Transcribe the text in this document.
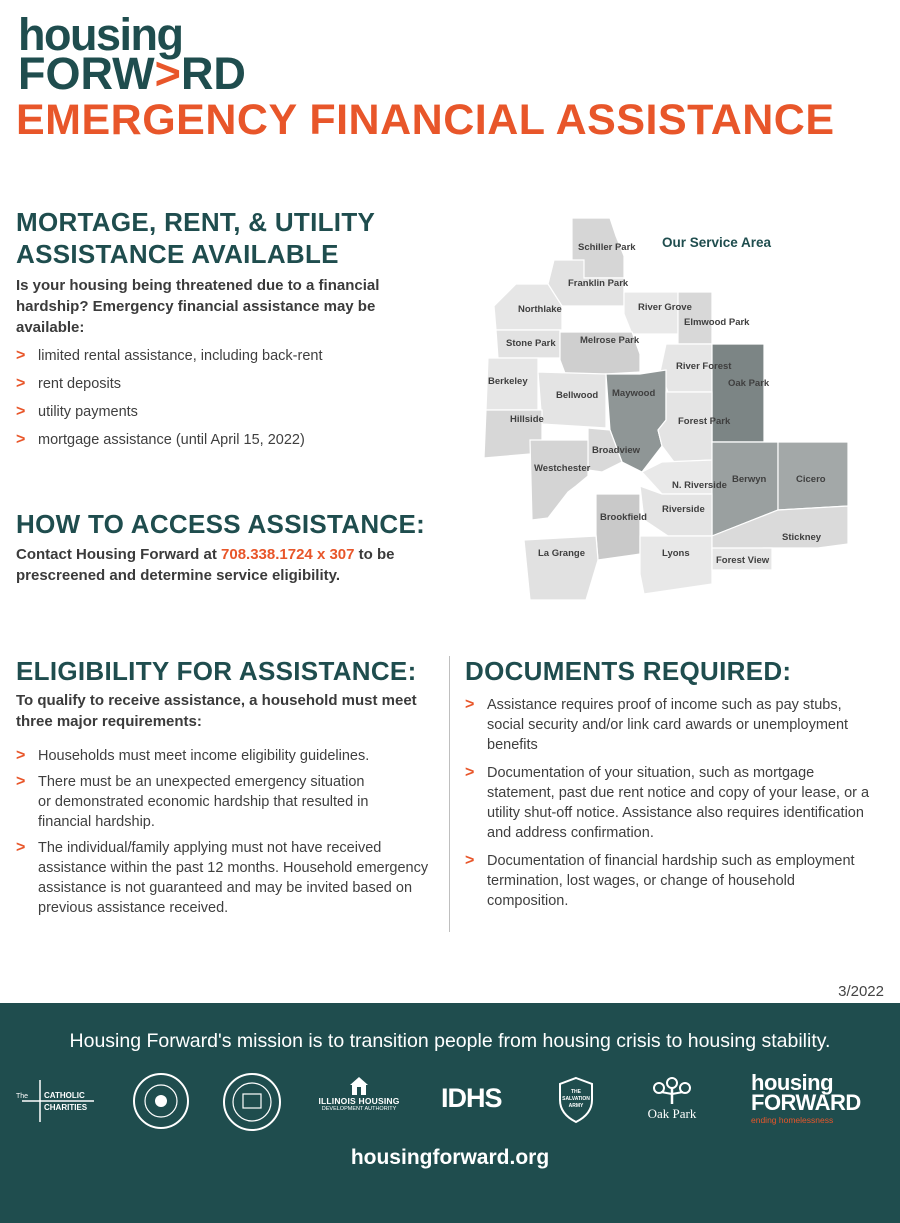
housing
FORW>RD
EMERGENCY FINANCIAL ASSISTANCE
MORTAGE, RENT, & UTILITY
ASSISTANCE AVAILABLE
Is your housing being threatened due to a financial hardship? Emergency financial assistance may be available:
> limited rental assistance, including back-rent
> rent deposits
> utility payments
> mortgage assistance (until April 15, 2022)
HOW TO ACCESS ASSISTANCE:
Contact Housing Forward at 708.338.1724 x 307 to be prescreened and determine service eligibility.
Our Service Area
Schiller Park
Franklin Park
Northlake	River Grove
Elmwood Park
Stone Park	Melrose Park
Berkeley
River Forest
Oak Park
Bellwood Maywood
Hillside	Forest Park
Broadview
Westchester
N. Riverside
Berwyn	Cicero
Brookfield
Riverside
La Grange	Lyons
Stickney
Forest View
ELIGIBILITY FOR ASSISTANCE:
To qualify to receive assistance, a household must meet three major requirements:
> Households must meet income eligibility guidelines.
> There must be an unexpected emergency situation or demonstrated economic hardship that resulted in financial hardship.
> The individual/family applying must not have received assistance within the past 12 months. Household emergency assistance is not guaranteed and may be invited based on previous assistance received.
DOCUMENTS REQUIRED:
> Assistance requires proof of income such as pay stubs, social security and/or link card awards or unemployment benefits
> Documentation of your situation, such as mortgage statement, past due rent notice and copy of your lease, or a utility shut-off notice. Assistance also requires identification and address confirmation.
> Documentation of financial hardship such as employment termination, lost wages, or change of household composition.
3/2022
Housing Forward's mission is to transition people from housing crisis to housing stability.
The CATHOLIC
CHARITIES
ILLINOIS HOUSING
DEVELOPMENT AUTHORITY	IDHS	THE
SALVATION
ARMY	Oak Park
housing
FORWARD
ending homelessness
housingforward.org
